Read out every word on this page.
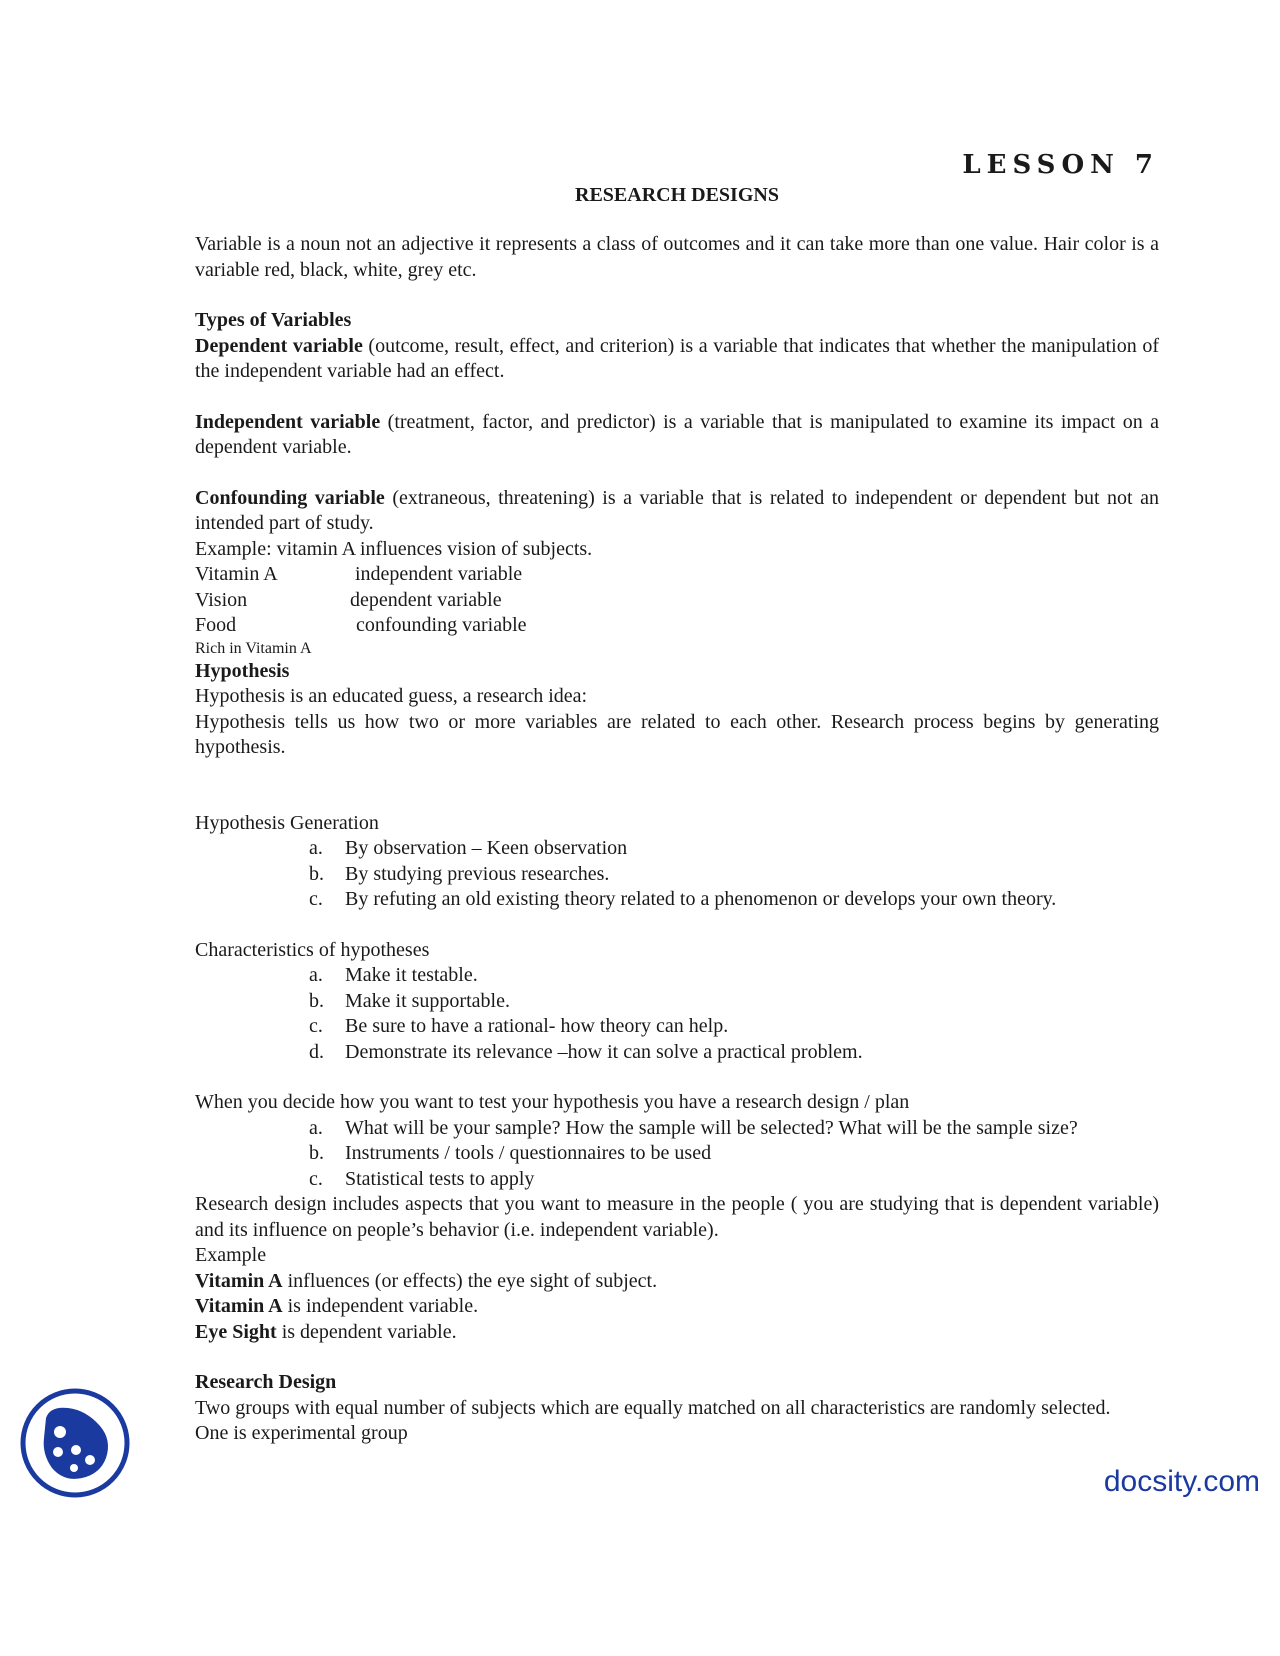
LESSON 7
RESEARCH DESIGNS

Variable is a noun not an adjective it represents a class of outcomes and it can take more than one value. Hair color is a variable red, black, white, grey etc.

Types of Variables

Dependent variable (outcome, result, effect, and criterion) is a variable that indicates that whether the manipulation of the independent variable had an effect.

Independent variable (treatment, factor, and predictor) is a variable that is manipulated to examine its impact on a dependent variable.

Confounding variable (extraneous, threatening) is a variable that is related to independent or dependent but not an intended part of study.

Example: vitamin A influences vision of subjects.

Vitamin A	independent variable
Vision	dependent variable
Food	confounding variable

Rich in Vitamin A

Hypothesis

Hypothesis is an educated guess, a research idea:

Hypothesis tells us how two or more variables are related to each other. Research process begins by generating hypothesis.

Hypothesis Generation

a.	By observation – Keen observation
b.	By studying previous researches.
c.	By refuting an old existing theory related to a phenomenon or develops your own theory.

Characteristics of hypotheses

a.	Make it testable.
b.	Make it supportable.
c.	Be sure to have a rational- how theory can help.
d.	Demonstrate its relevance –how it can solve a practical problem.

When you decide how you want to test your hypothesis you have a research design / plan

a.	What will be your sample? How the sample will be selected? What will be the sample size?
b.	Instruments / tools / questionnaires to be used
c.	Statistical tests to apply

Research design includes aspects that you want to measure in the people ( you are studying that is dependent variable) and its influence on people’s behavior (i.e. independent variable).

Example

Vitamin A influences (or effects) the eye sight of subject.

Vitamin A is independent variable.

Eye Sight is dependent variable.

Research Design

Two groups with equal number of subjects which are equally matched on all characteristics are randomly selected.

One is experimental group

docsity.com
